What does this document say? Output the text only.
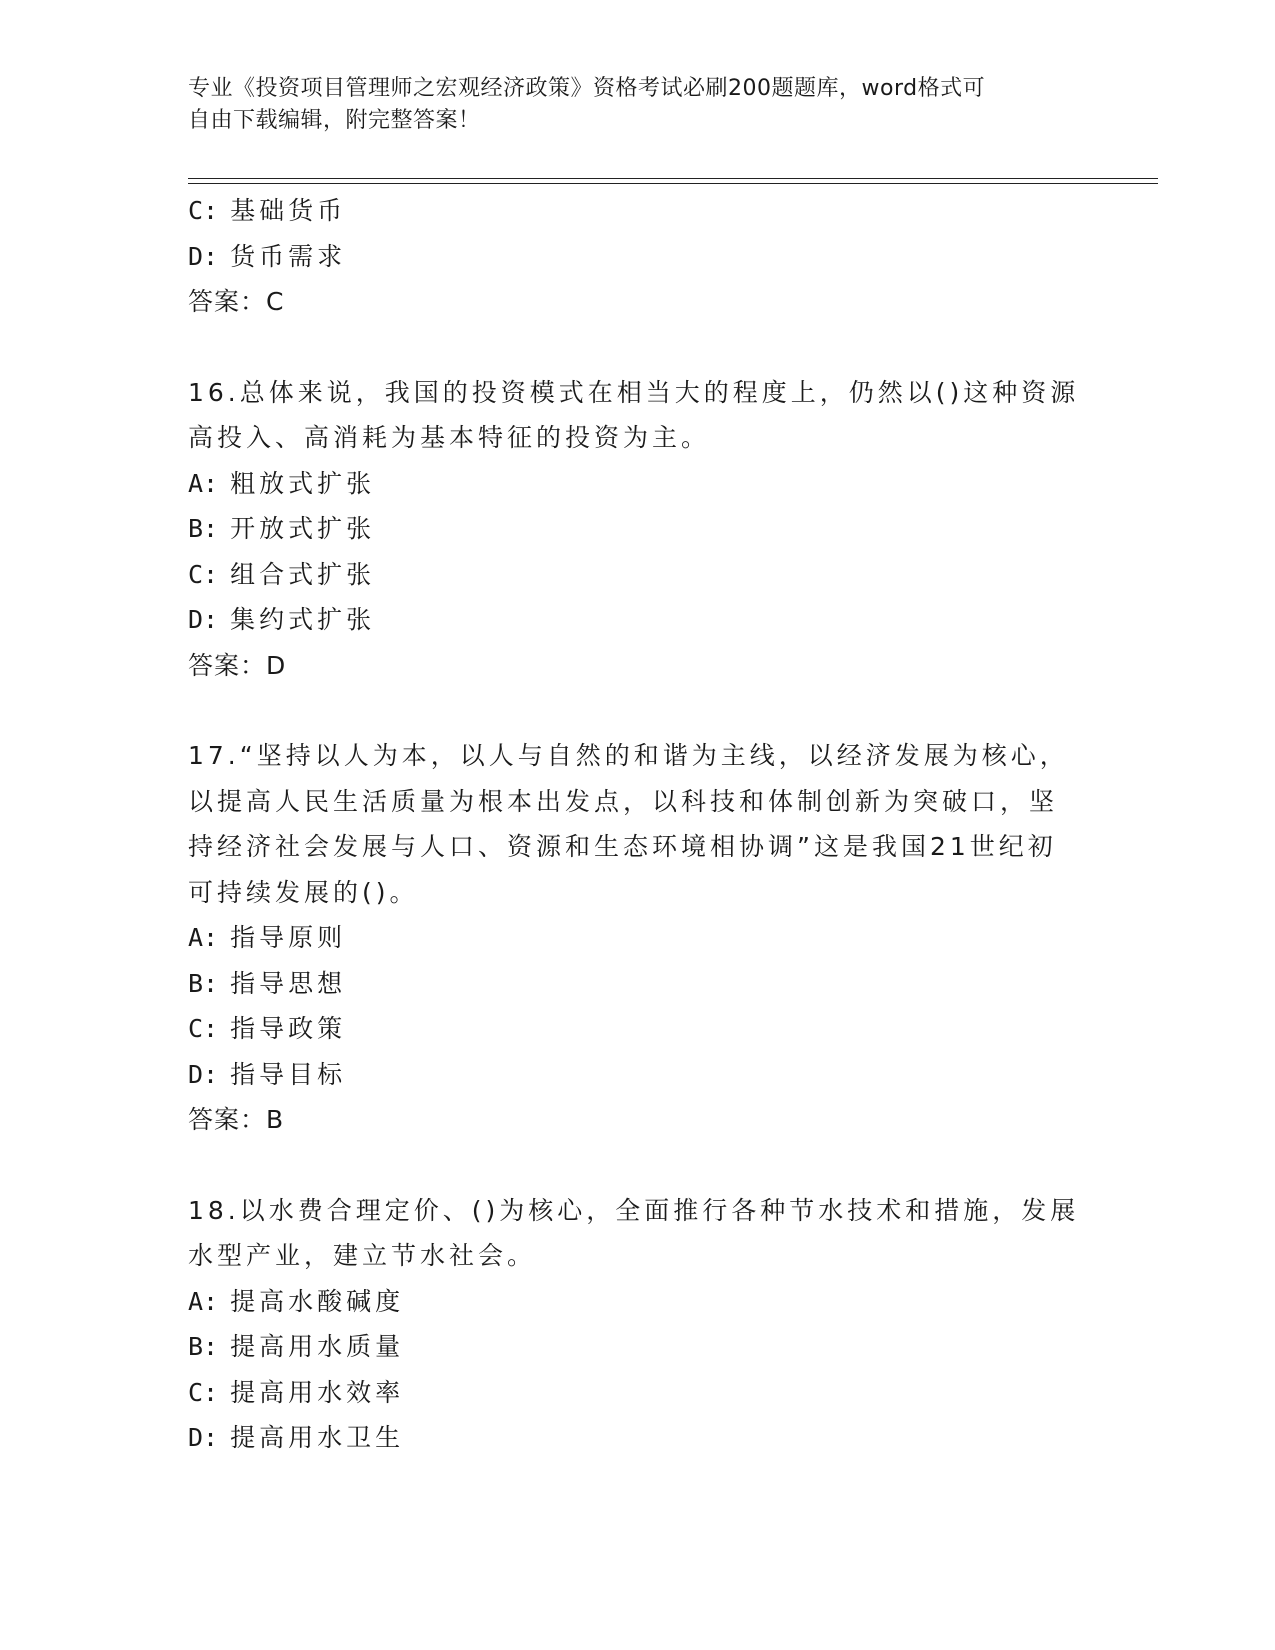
专业《投资项目管理师之宏观经济政策》资格考试必刷200题题库，word格式可
自由下载编辑，附完整答案！
C: 基础货币
D: 货币需求
答案：C
16.总体来说，我国的投资模式在相当大的程度上，仍然以()这种资源
高投入、高消耗为基本特征的投资为主。
A: 粗放式扩张
B: 开放式扩张
C: 组合式扩张
D: 集约式扩张
答案：D
17.“坚持以人为本，以人与自然的和谐为主线，以经济发展为核心，
以提高人民生活质量为根本出发点，以科技和体制创新为突破口，坚
持经济社会发展与人口、资源和生态环境相协调”这是我国21世纪初
可持续发展的()。
A: 指导原则
B: 指导思想
C: 指导政策
D: 指导目标
答案：B
18.以水费合理定价、()为核心，全面推行各种节水技术和措施，发展
水型产业，建立节水社会。
A: 提高水酸碱度
B: 提高用水质量
C: 提高用水效率
D: 提高用水卫生
